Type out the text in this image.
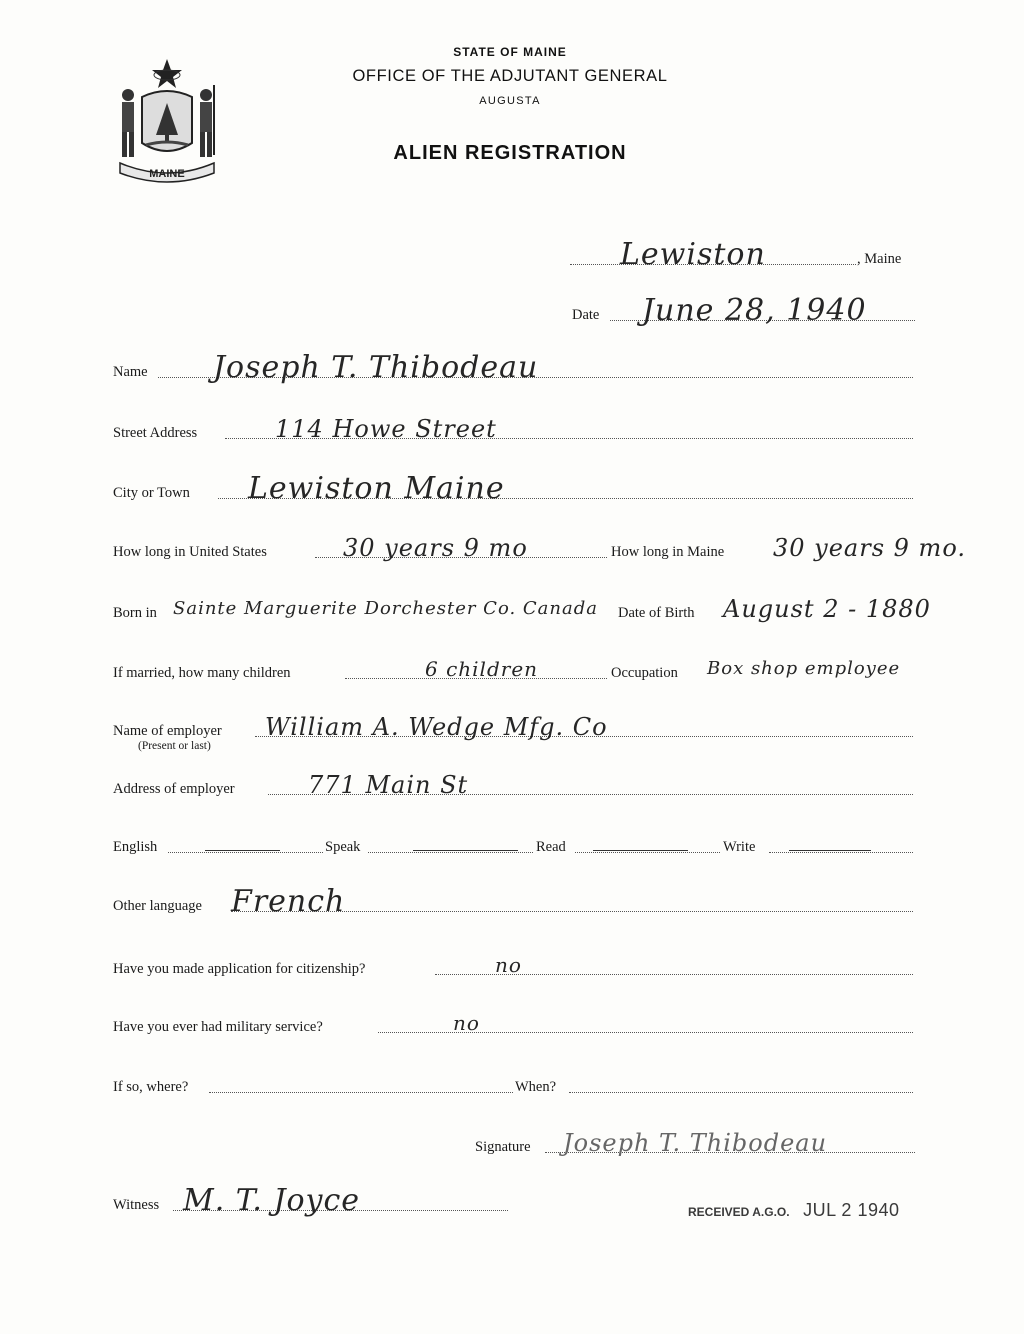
MAINE
STATE OF MAINE
OFFICE OF THE ADJUTANT GENERAL
AUGUSTA
ALIEN REGISTRATION
Lewiston	, Maine
Date June 28, 1940
Name Joseph T. Thibodeau
Street Address	114 Howe Street
City or Town Lewiston Maine
How long in United States	30 years 9 mo	How long in Maine 30 years 9 mo.
Born in Sainte Marguerite Dorchester Co. Canada Date of Birth August 2 - 1880
If married, how many children	6 children	Occupation Box shop employee
Name of employer William A. Wedge Mfg. Co
(Present or last)
Address of employer	771 Main St
English	Speak	Read	Write
Other language French
Have you made application for citizenship?	no
Have you ever had military service?	no
If so, where?	When?
Signature Joseph T. Thibodeau
Witness M. T. Joyce	RECEIVED A.G.O. JUL 2 1940
